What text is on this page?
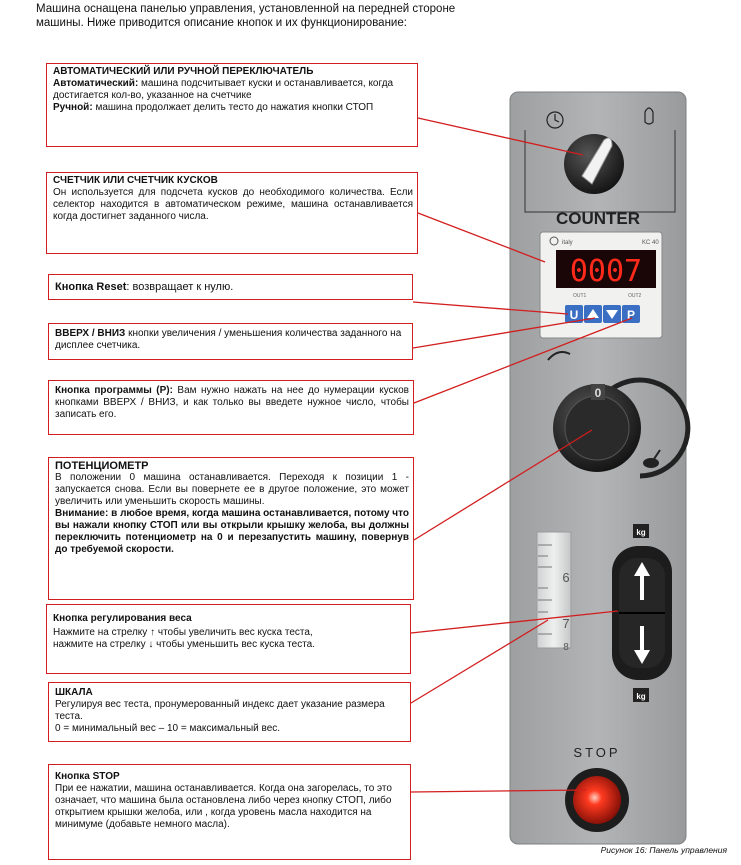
Машина оснащена панелью управления, установленной на передней стороне
машины. Ниже приводится описание кнопок и их функционирование:
COUNTER
italy	KC 40
0007
OUT1	OUT2
U	P
0
6
7
8
kg
kg
STOP
АВТОМАТИЧЕСКИЙ ИЛИ РУЧНОЙ ПЕРЕКЛЮЧАТЕЛЬ
Автоматический: машина подсчитывает куски и останавливается, когда достигается кол-во, указанное на счетчике
Ручной: машина продолжает делить тесто до нажатия кнопки СТОП
СЧЕТЧИК ИЛИ СЧЕТЧИК КУСКОВ
Он используется для подсчета кусков до необходимого количества. Если селектор находится в автоматическом режиме, машина останавливается когда достигнет заданного числа.
Кнопка Reset: возвращает к нулю.
ВВЕРХ / ВНИЗ кнопки увеличения / уменьшения количества заданного на дисплее счетчика.
Кнопка программы (P): Вам нужно нажать на нее до нумерации кусков кнопками ВВЕРХ / ВНИЗ, и как только вы введете нужное число, чтобы записать его.
ПОТЕНЦИОМЕТР
В положении 0 машина останавливается. Переходя к позиции 1 - запускается снова. Если вы повернете ее в другое положение, это может увеличить или уменьшить скорость машины.
Внимание: в любое время, когда машина останавливается, потому что вы нажали кнопку СТОП или вы открыли крышку желоба, вы должны переключить потенциометр на 0 и перезапустить машину, повернув до требуемой скорости.
Кнопка регулирования веса
Нажмите на стрелку ↑ чтобы увеличить вес куска теста,
нажмите на стрелку ↓ чтобы уменьшить вес куска теста.
ШКАЛА
Регулируя вес теста, пронумерованный индекс дает указание размера теста.
0 = минимальный вес – 10 = максимальный вес.
Кнопка STOP
При ее нажатии, машина останавливается. Когда она загорелась, то это означает, что машина была остановлена либо через кнопку СТОП, либо открытием крышки желоба, или , когда уровень масла находится на минимуме (добавьте немного масла).
Рисунок 16: Панель управления
